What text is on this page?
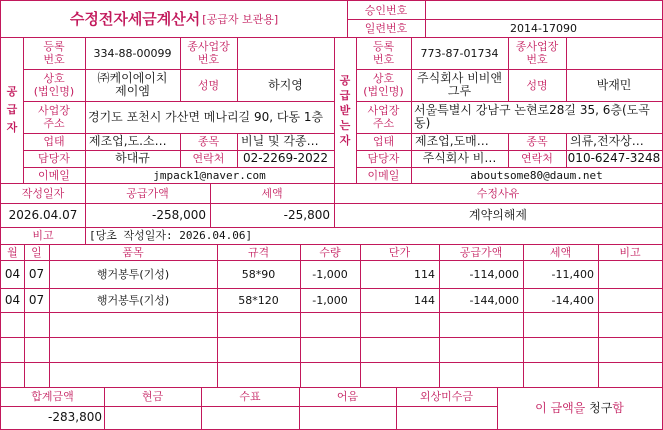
수정전자세금계산서 [공급자 보관용]
승인번호
일련번호	2014-17090
공
급
자
등록
번호	334-88-00099	종사업장
번호
상호
(법인명)
㈜케이에이치제이엠	성명	하지영
사업장
주소	경기도 포천시 가산면 메나리길 90, 다동 1층
업태	제조업,도.소…	종목	비닐 및 각종…
담당자	하대규	연락처	02-2269-2022
이메일	jmpack1@naver.com
공
급
받
는
자
등록
번호	773-87-01734	종사업장
번호
상호
(법인명)
주식회사 비비앤그루	성명	박재민
사업장
주소
서울특별시 강남구 논현로28길 35, 6층(도곡동)
업태	제조업,도매…	종목	의류,전자상…
담당자	주식회사 비…	연락처	010-6247-3248
이메일	aboutsome80@daum.net
작성일자	공급가액	세액	수정사유
2026.04.07	-258,000	-25,800	계약의해제
비고	[당초 작성일자: 2026.04.06]
월	일	품목	규격	수량	단가	공급가액	세액	비고
04 07	행거봉투(기성)	58*90	-1,000	114	-114,000	-11,400
04 07	행거봉투(기성)	58*120	-1,000	144	-144,000	-14,400
합계금액	현금	수표	어음	외상미수금
-283,800
이 금액을
청구 함
